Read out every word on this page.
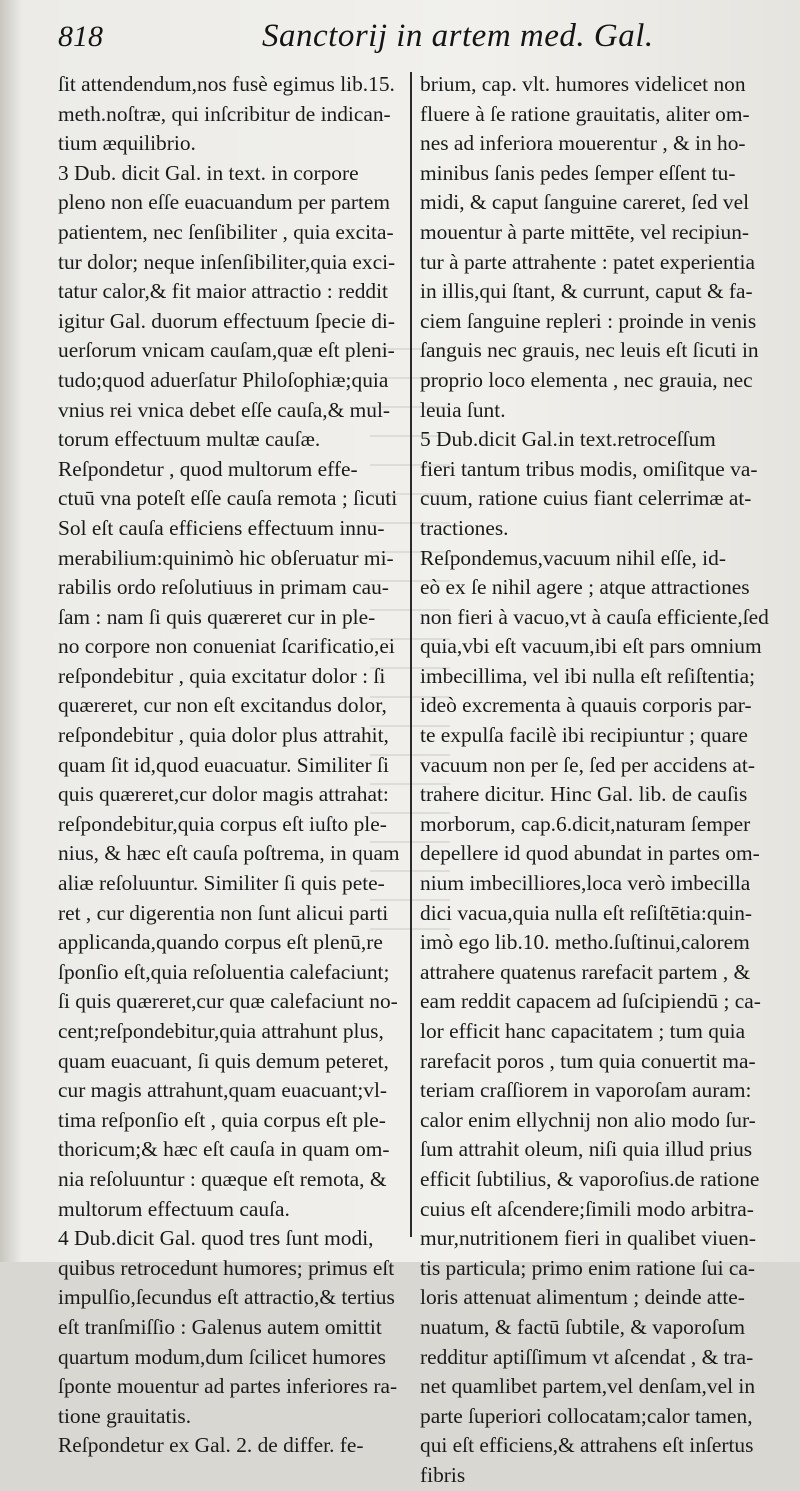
818	Sanctorij in artem med. Gal.
ſit attendendum,nos fusè egimus lib.15.
meth.noſtræ, qui inſcribitur de indican-
tium æquilibrio.
3 Dub. dicit Gal. in text. in corpore
pleno non eſſe euacuandum per partem
patientem, nec ſenſibiliter , quia excita-
tur dolor; neque inſenſibiliter,quia exci-
tatur calor,& fit maior attractio : reddit
igitur Gal. duorum effectuum ſpecie di-
uerſorum vnicam cauſam,quæ eſt pleni-
tudo;quod aduerſatur Philoſophiæ;quia
vnius rei vnica debet eſſe cauſa,& mul-
torum effectuum multæ cauſæ.
Reſpondetur , quod multorum effe-
ctuū vna poteſt eſſe cauſa remota ; ſicuti
Sol eſt cauſa efficiens effectuum innu-
merabilium:quinimò hic obſeruatur mi-
rabilis ordo reſolutiuus in primam cau-
ſam : nam ſi quis quæreret cur in ple-
no corpore non conueniat ſcarificatio,ei
reſpondebitur , quia excitatur dolor : ſi
quæreret, cur non eſt excitandus dolor,
reſpondebitur , quia dolor plus attrahit,
quam ſit id,quod euacuatur. Similiter ſi
quis quæreret,cur dolor magis attrahat:
reſpondebitur,quia corpus eſt iuſto ple-
nius, & hæc eſt cauſa poſtrema, in quam
aliæ reſoluuntur. Similiter ſi quis pete-
ret , cur digerentia non ſunt alicui parti
applicanda,quando corpus eſt plenū,re
ſponſio eſt,quia reſoluentia calefaciunt;
ſi quis quæreret,cur quæ calefaciunt no-
cent;reſpondebitur,quia attrahunt plus,
quam euacuant, ſi quis demum peteret,
cur magis attrahunt,quam euacuant;vl-
tima reſponſio eſt , quia corpus eſt ple-
thoricum;& hæc eſt cauſa in quam om-
nia reſoluuntur : quæque eſt remota, &
multorum effectuum cauſa.
4 Dub.dicit Gal. quod tres ſunt modi,
quibus retrocedunt humores; primus eſt
impulſio,ſecundus eſt attractio,& tertius
eſt tranſmiſſio : Galenus autem omittit
quartum modum,dum ſcilicet humores
ſponte mouentur ad partes inferiores ra-
tione grauitatis.
Reſpondetur ex Gal. 2. de differ. fe-
brium, cap. vlt. humores videlicet non
fluere à ſe ratione grauitatis, aliter om-
nes ad inferiora mouerentur , & in ho-
minibus ſanis pedes ſemper eſſent tu-
midi, & caput ſanguine careret, ſed vel
mouentur à parte mittēte, vel recipiun-
tur à parte attrahente : patet experientia
in illis,qui ſtant, & currunt, caput & fa-
ciem ſanguine repleri : proinde in venis
ſanguis nec grauis, nec leuis eſt ſicuti in
proprio loco elementa , nec grauia, nec
leuia ſunt.
5 Dub.dicit Gal.in text.retroceſſum
fieri tantum tribus modis, omiſitque va-
cuum, ratione cuius fiant celerrimæ at-
tractiones.
Reſpondemus,vacuum nihil eſſe, id-
eò ex ſe nihil agere ; atque attractiones
non fieri à vacuo,vt à cauſa efficiente,ſed
quia,vbi eſt vacuum,ibi eſt pars omnium
imbecillima, vel ibi nulla eſt reſiſtentia;
ideò excrementa à quauis corporis par-
te expulſa facilè ibi recipiuntur ; quare
vacuum non per ſe, ſed per accidens at-
trahere dicitur. Hinc Gal. lib. de cauſis
morborum, cap.6.dicit,naturam ſemper
depellere id quod abundat in partes om-
nium imbecilliores,loca verò imbecilla
dici vacua,quia nulla eſt reſiſtētia:quin-
imò ego lib.10. metho.ſuſtinui,calorem
attrahere quatenus rarefacit partem , &
eam reddit capacem ad ſuſcipiendū ; ca-
lor efficit hanc capacitatem ; tum quia
rarefacit poros , tum quia conuertit ma-
teriam craſſiorem in vaporoſam auram:
calor enim ellychnij non alio modo ſur-
ſum attrahit oleum, niſi quia illud prius
efficit ſubtilius, & vaporoſius.de ratione
cuius eſt aſcendere;ſimili modo arbitra-
mur,nutritionem fieri in qualibet viuen-
tis particula; primo enim ratione ſui ca-
loris attenuat alimentum ; deinde atte-
nuatum, & factū ſubtile, & vaporoſum
redditur aptiſſimum vt aſcendat , & tra-
net quamlibet partem,vel denſam,vel in
parte ſuperiori collocatam;calor tamen,
qui eſt efficiens,& attrahens eſt inſertus
fibris
